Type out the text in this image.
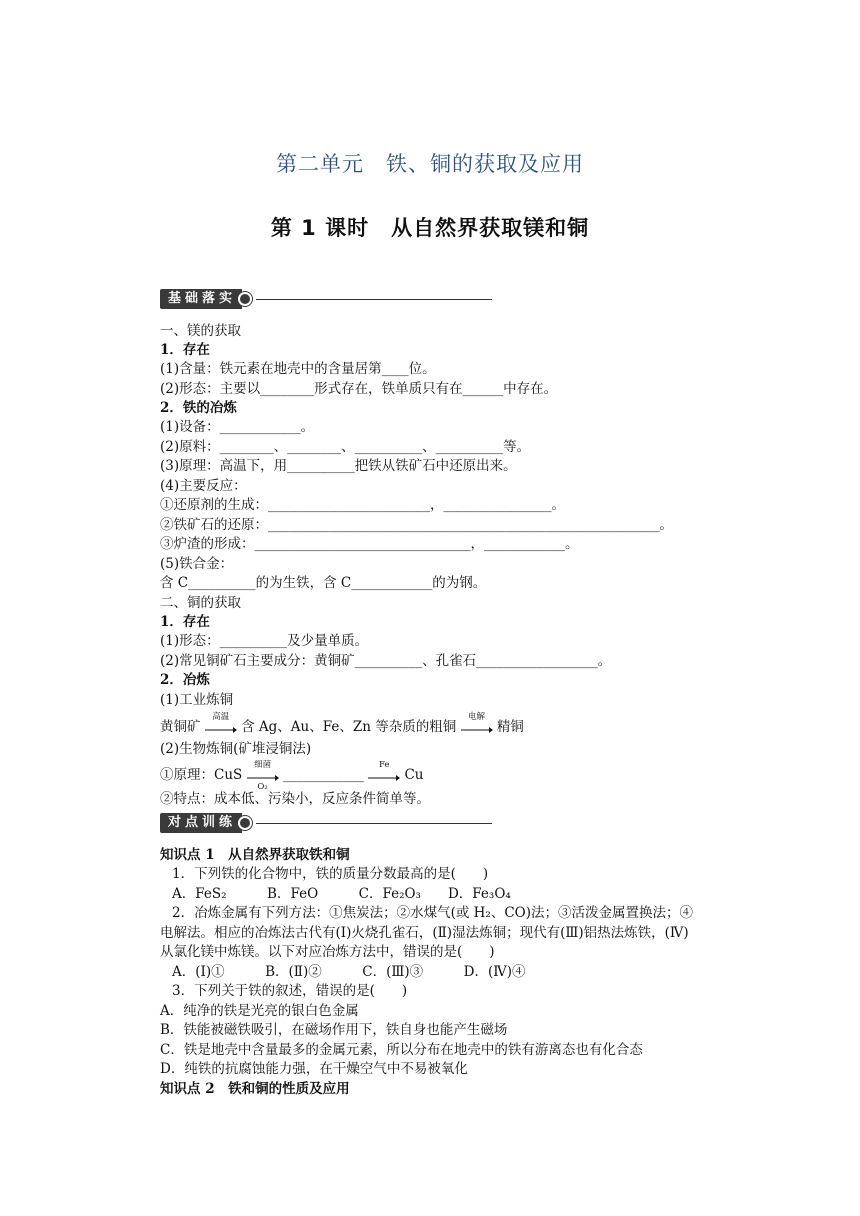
第二单元　铁、铜的获取及应用
第 1 课时　从自然界获取镁和铜
基础落实
一、镁的获取
1．存在
(1)含量：铁元素在地壳中的含量居第____位。
(2)形态：主要以________形式存在，铁单质只有在______中存在。
2．铁的冶炼
(1)设备：____________。
(2)原料：________、________、__________、__________等。
(3)原理：高温下，用__________把铁从铁矿石中还原出来。
(4)主要反应：
①还原剂的生成：________________________，________________。
②铁矿石的还原：__________________________________________________________。
③炉渣的形成：________________________________，____________。
(5)铁合金：
含 C__________的为生铁，含 C____________的为钢。
二、铜的获取
1．存在
(1)形态：__________及少量单质。
(2)常见铜矿石主要成分：黄铜矿__________、孔雀石__________________。
2．冶炼
(1)工业炼铜
黄铜矿
高温
含 Ag、Au、Fe、Zn 等杂质的粗铜
电解
精铜
(2)生物炼铜(矿堆浸铜法)
①原理：CuS
细菌
O₂
____________
Fe
Cu
②特点：成本低、污染小，反应条件简单等。
对点训练
知识点 1　从自然界获取铁和铜
1．下列铁的化合物中，铁的质量分数最高的是(　　)
A．FeS₂　　　B．FeO　　　C．Fe₂O₃　　D．Fe₃O₄
2．冶炼金属有下列方法：①焦炭法；②水煤气(或 H₂、CO)法；③活泼金属置换法；④
电解法。相应的冶炼法古代有(Ⅰ)火烧孔雀石，(Ⅱ)湿法炼铜；现代有(Ⅲ)铝热法炼铁，(Ⅳ)
从氯化镁中炼镁。以下对应冶炼方法中，错误的是(　　)
A．(Ⅰ)①　　　B．(Ⅱ)②　　　C．(Ⅲ)③　　　D．(Ⅳ)④
3．下列关于铁的叙述，错误的是(　　)
A．纯净的铁是光亮的银白色金属
B．铁能被磁铁吸引，在磁场作用下，铁自身也能产生磁场
C．铁是地壳中含量最多的金属元素，所以分布在地壳中的铁有游离态也有化合态
D．纯铁的抗腐蚀能力强，在干燥空气中不易被氧化
知识点 2　铁和铜的性质及应用
